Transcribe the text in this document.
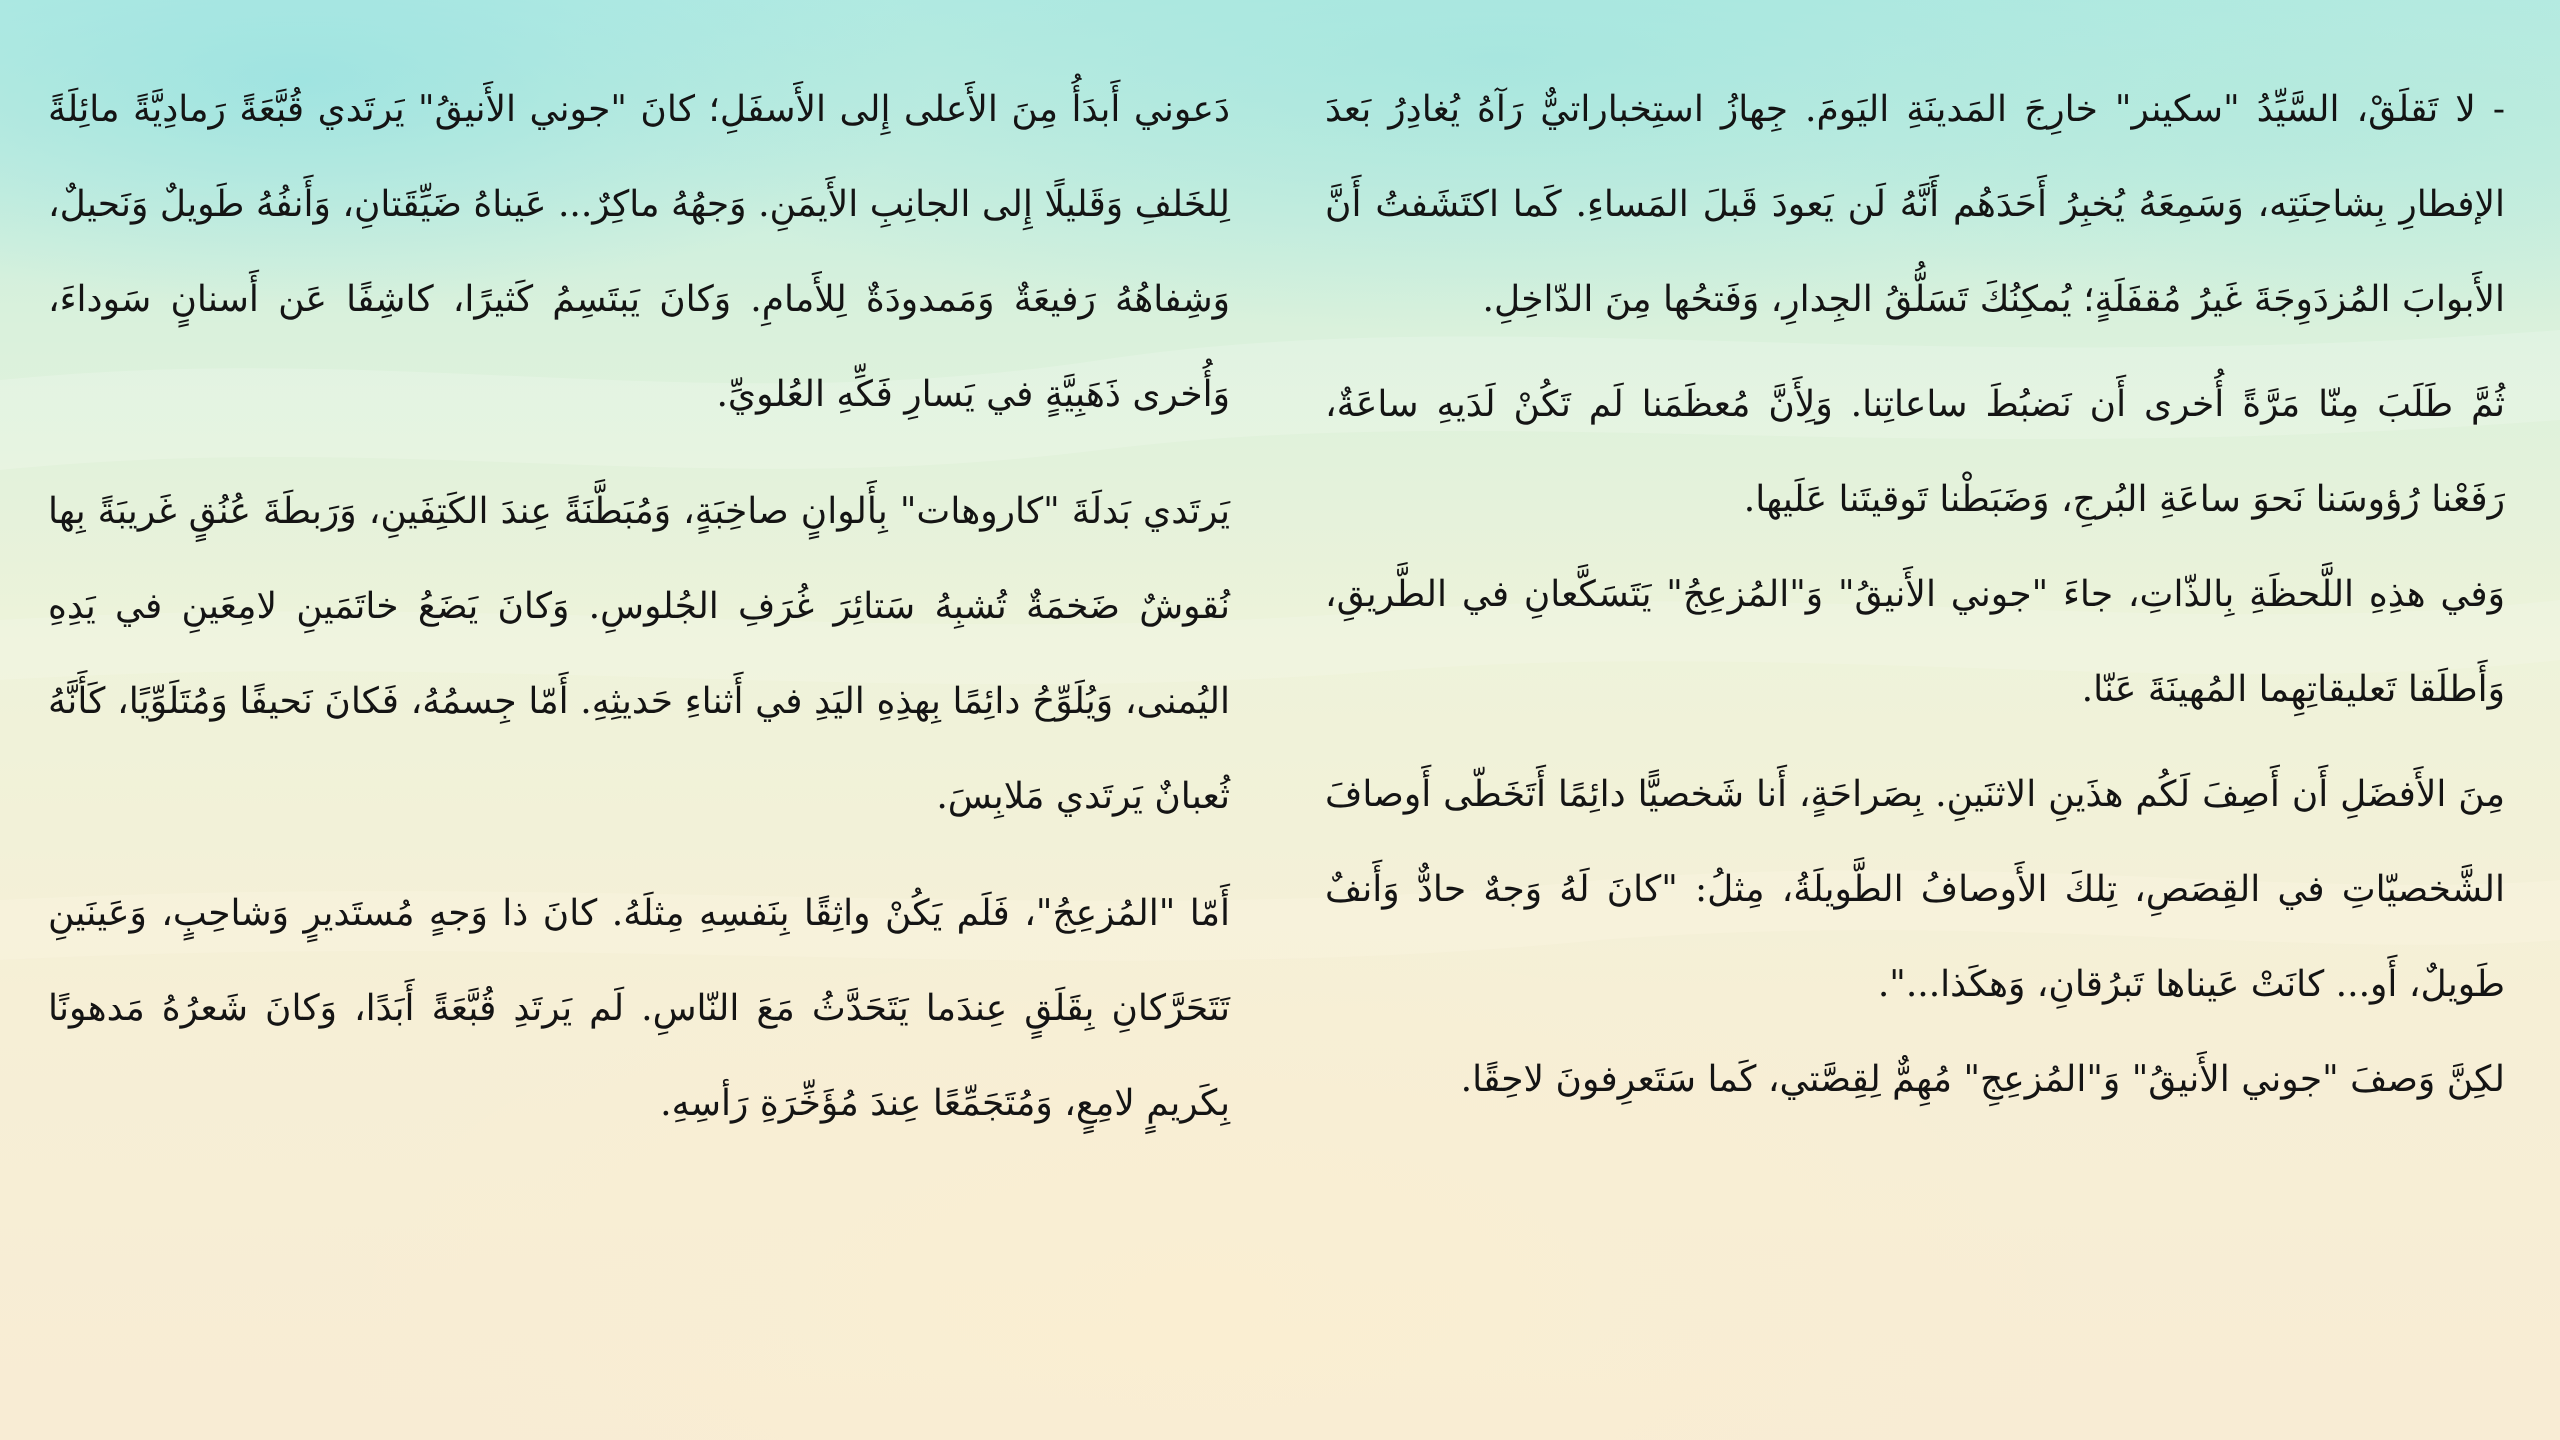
- لا تَقلَقْ، السَّيِّدُ "سكينر" خارِجَ المَدينَةِ اليَومَ. جِهازُ استِخباراتيٌّ رَآهُ يُغادِرُ بَعدَ الإفطارِ بِشاحِنَتِه، وَسَمِعَهُ يُخبِرُ أَحَدَهُم أَنَّهُ لَن يَعودَ قَبلَ المَساءِ. كَما اكتَشَفتُ أَنَّ الأَبوابَ المُزدَوِجَةَ غَيرُ مُقفَلَةٍ؛ يُمكِنُكَ تَسَلُّقُ الجِدارِ، وَفَتحُها مِنَ الدّاخِلِ.

ثُمَّ طَلَبَ مِنّا مَرَّةً أُخرى أَن نَضبُطَ ساعاتِنا. وَلِأَنَّ مُعظَمَنا لَم تَكُنْ لَدَيهِ ساعَةٌ، رَفَعْنا رُؤوسَنا نَحوَ ساعَةِ البُرجِ، وَضَبَطْنا تَوقيتَنا عَلَيها.

وَفي هذِهِ اللَّحظَةِ بِالذّاتِ، جاءَ "جوني الأَنيقُ" وَ"المُزعِجُ" يَتَسَكَّعانِ في الطَّريقِ، وَأَطلَقا تَعليقاتِهِما المُهينَةَ عَنّا.

مِنَ الأَفضَلِ أَن أَصِفَ لَكُم هذَينِ الاثنَينِ. بِصَراحَةٍ، أَنا شَخصيًّا دائِمًا أَتَخَطّى أَوصافَ الشَّخصيّاتِ في القِصَصِ، تِلكَ الأَوصافُ الطَّويلَةُ، مِثلُ: "كانَ لَهُ وَجهٌ حادٌّ وَأَنفٌ طَويلٌ، أَو... كانَتْ عَيناها تَبرُقانِ، وَهكَذا...".

لكِنَّ وَصفَ "جوني الأَنيقُ" وَ"المُزعِجِ" مُهِمٌّ لِقِصَّتي، كَما سَتَعرِفونَ لاحِقًا.

دَعوني أَبدَأُ مِنَ الأَعلى إِلى الأَسفَلِ؛ كانَ "جوني الأَنيقُ" يَرتَدي قُبَّعَةً رَمادِيَّةً مائِلَةً لِلخَلفِ وَقَليلًا إِلى الجانِبِ الأَيمَنِ. وَجهُهُ ماكِرٌ... عَيناهُ ضَيِّقَتانِ، وَأَنفُهُ طَويلٌ وَنَحيلٌ، وَشِفاهُهُ رَفيعَةٌ وَمَمدودَةٌ لِلأَمامِ. وَكانَ يَبتَسِمُ كَثيرًا، كاشِفًا عَن أَسنانٍ سَوداءَ، وَأُخرى ذَهَبِيَّةٍ في يَسارِ فَكِّهِ العُلويِّ.

يَرتَدي بَدلَةَ "كاروهات" بِأَلوانٍ صاخِبَةٍ، وَمُبَطَّنَةً عِندَ الكَتِفَينِ، وَرَبطَةَ عُنُقٍ غَريبَةً بِها نُقوشٌ ضَخمَةٌ تُشبِهُ سَتائِرَ غُرَفِ الجُلوسِ. وَكانَ يَضَعُ خاتَمَينِ لامِعَينِ في يَدِهِ اليُمنى، وَيُلَوِّحُ دائِمًا بِهذِهِ اليَدِ في أَثناءِ حَديثِهِ. أَمّا جِسمُهُ، فَكانَ نَحيفًا وَمُتَلَوِّيًا، كَأَنَّهُ ثُعبانٌ يَرتَدي مَلابِسَ.

أَمّا "المُزعِجُ"، فَلَم يَكُنْ واثِقًا بِنَفسِهِ مِثلَهُ. كانَ ذا وَجهٍ مُستَديرٍ وَشاحِبٍ، وَعَينَينِ تَتَحَرَّكانِ بِقَلَقٍ عِندَما يَتَحَدَّثُ مَعَ النّاسِ. لَم يَرتَدِ قُبَّعَةً أَبَدًا، وَكانَ شَعرُهُ مَدهونًا بِكَريمٍ لامِعٍ، وَمُتَجَمِّعًا عِندَ مُؤَخِّرَةِ رَأسِهِ.
